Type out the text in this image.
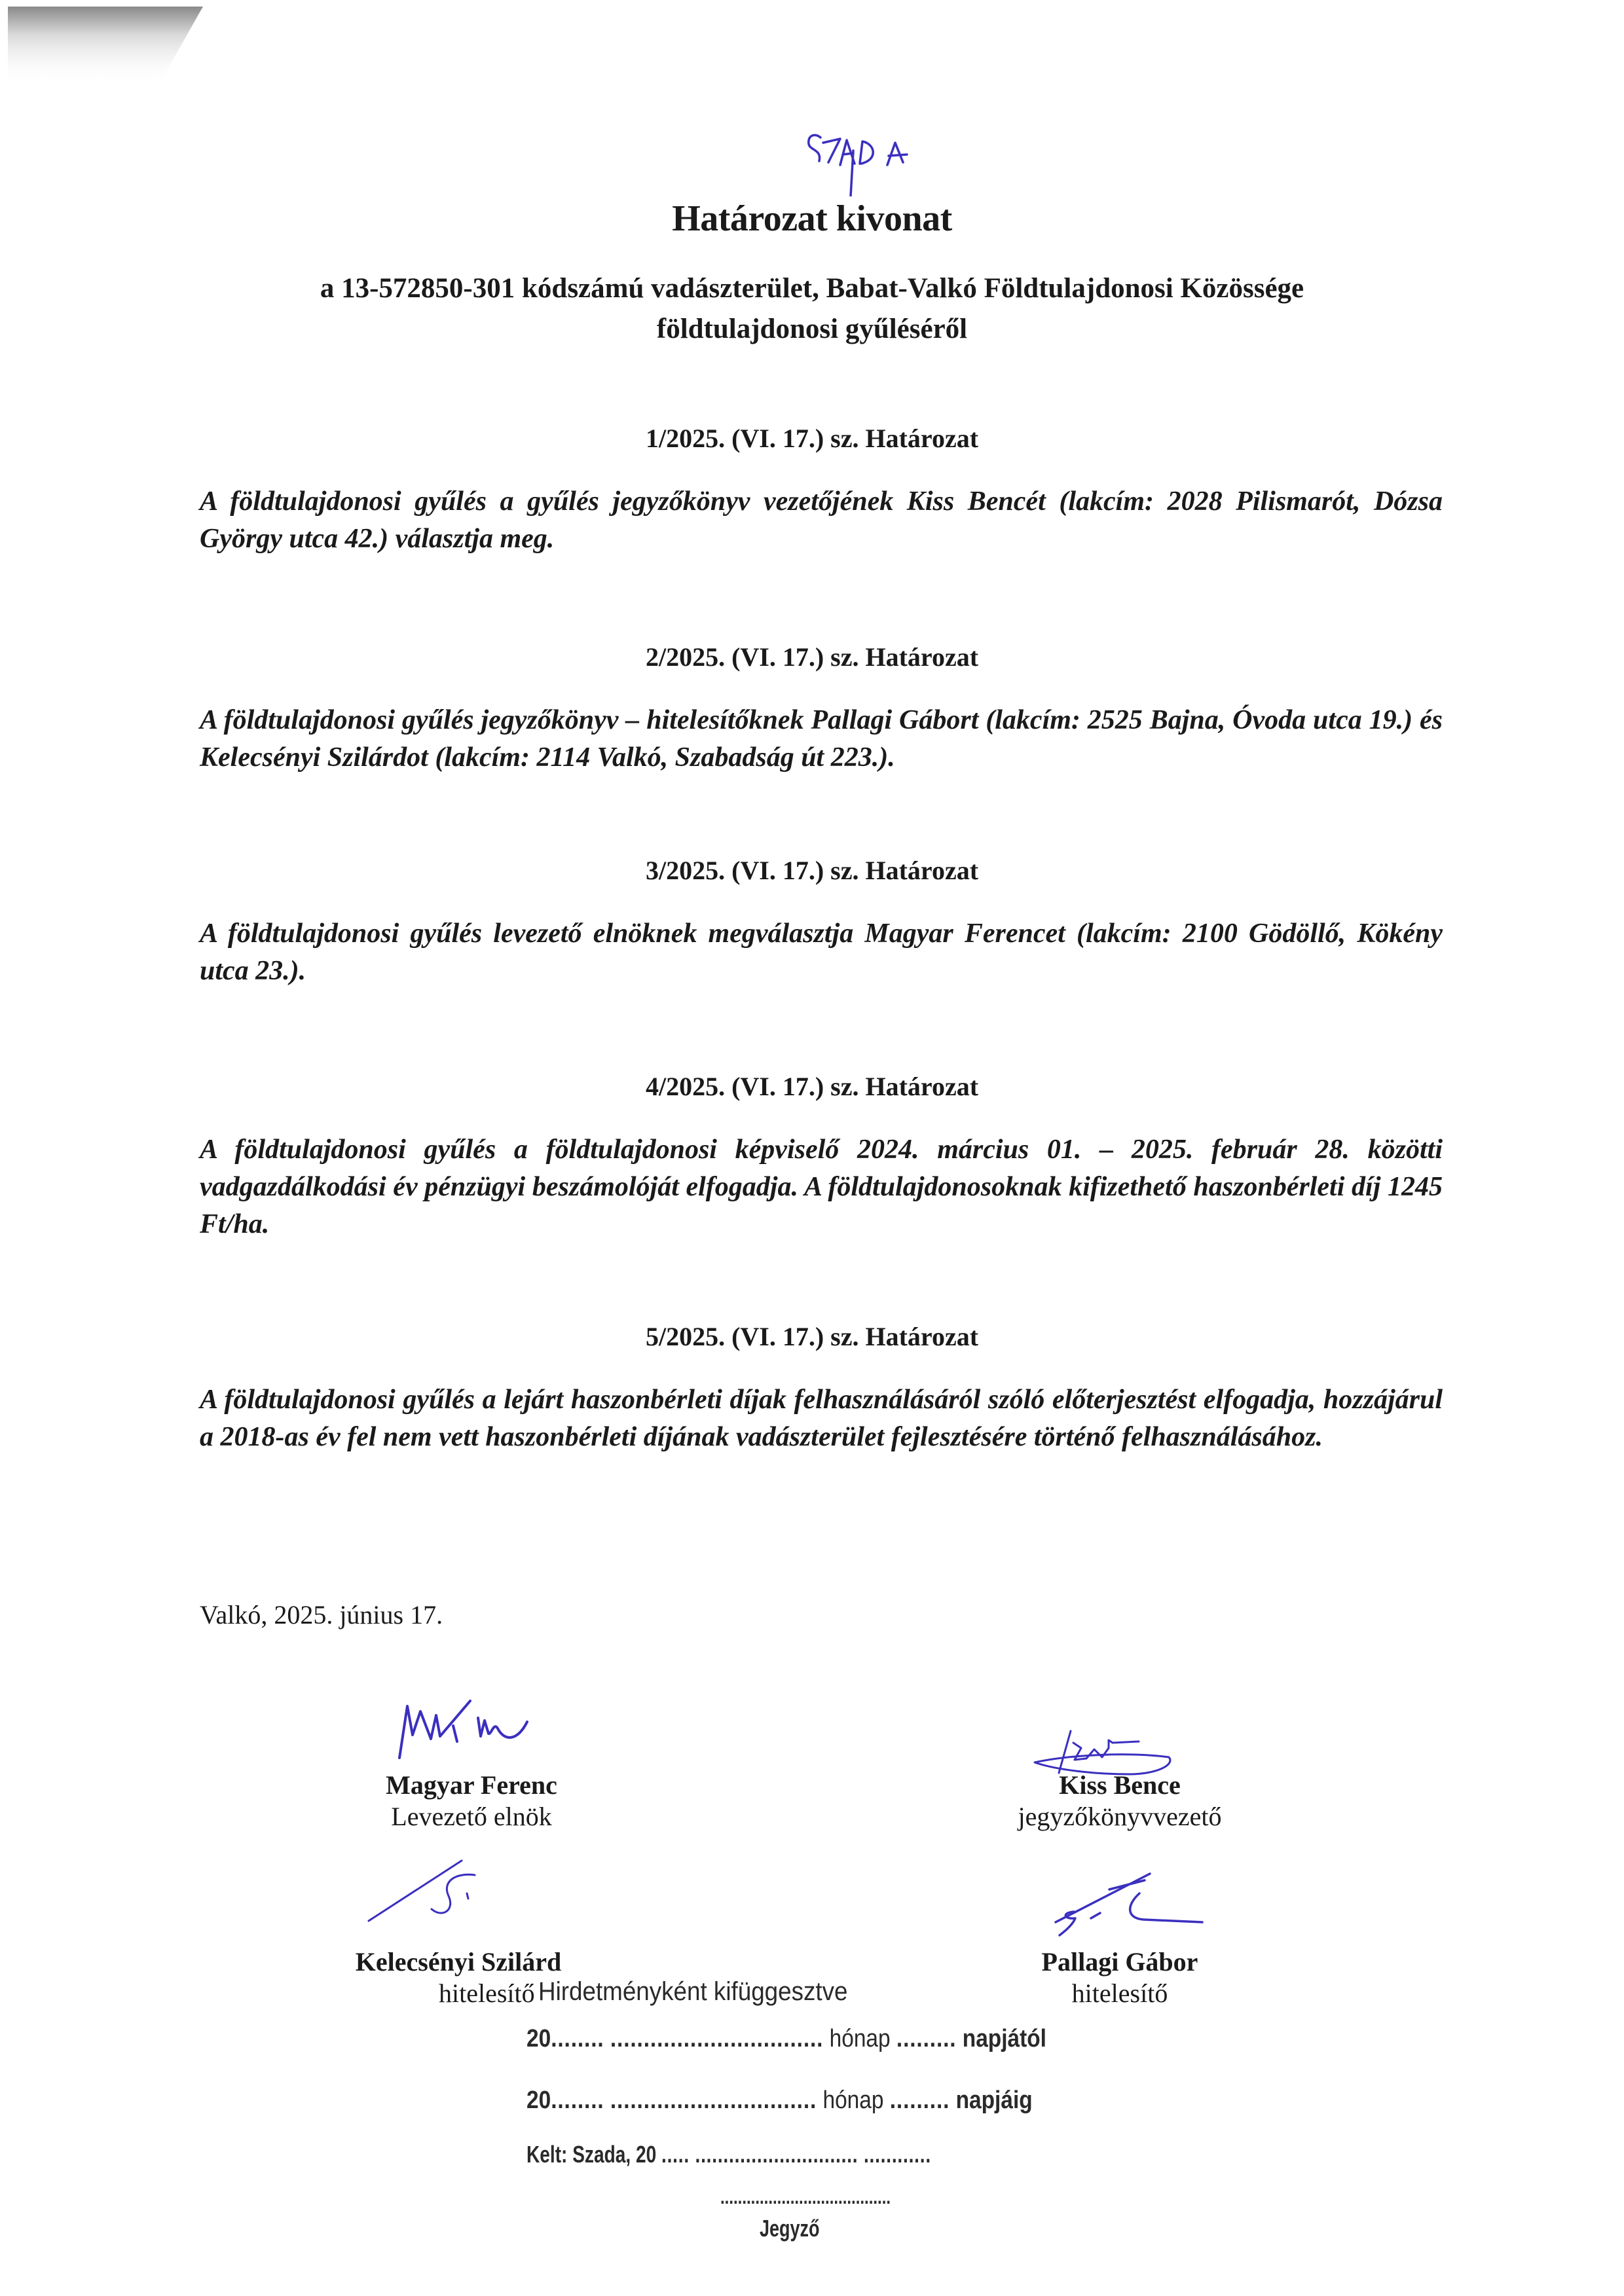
Határozat kivonat
a 13-572850-301 kódszámú vadászterület, Babat-Valkó Földtulajdonosi Közössége
földtulajdonosi gyűléséről
1/2025. (VI. 17.) sz. Határozat
A földtulajdonosi gyűlés a gyűlés jegyzőkönyv vezetőjének Kiss Bencét (lakcím: 2028 Pilismarót, Dózsa György utca 42.) választja meg.
2/2025. (VI. 17.) sz. Határozat
A földtulajdonosi gyűlés jegyzőkönyv – hitelesítőknek Pallagi Gábort (lakcím: 2525 Bajna, Óvoda utca 19.) és Kelecsényi Szilárdot (lakcím: 2114 Valkó, Szabadság út 223.).
3/2025. (VI. 17.) sz. Határozat
A földtulajdonosi gyűlés levezető elnöknek megválasztja Magyar Ferencet (lakcím: 2100 Gödöllő, Kökény utca 23.).
4/2025. (VI. 17.) sz. Határozat
A földtulajdonosi gyűlés a földtulajdonosi képviselő 2024. március 01. – 2025. február 28. közötti vadgazdálkodási év pénzügyi beszámolóját elfogadja. A földtulajdonosoknak kifizethető haszonbérleti díj 1245 Ft/ha.
5/2025. (VI. 17.) sz. Határozat
A földtulajdonosi gyűlés a lejárt haszonbérleti díjak felhasználásáról szóló előterjesztést elfogadja, hozzájárul a 2018-as év fel nem vett haszonbérleti díjának vadászterület fejlesztésére történő felhasználásához.
Valkó, 2025. június 17.
Magyar Ferenc
Levezető elnök
Kiss Bence
jegyzőkönyvvezető
Kelecsényi Szilárd
hitelesítő
Pallagi Gábor
hitelesítő
Hirdetményként kifüggesztve
20........ ................................ hónap ......... napjától
20........ ............................... hónap ......... napjáig
Kelt: Szada, 20 ..... ............................. ............
.......................................
Jegyző
